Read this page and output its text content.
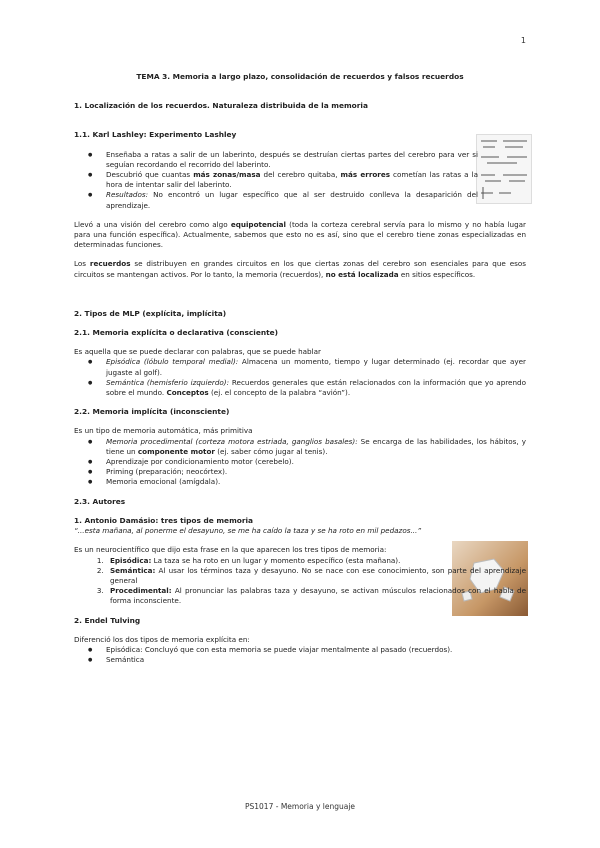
1
TEMA 3. Memoria a largo plazo, consolidación de recuerdos y falsos recuerdos
1. Localización de los recuerdos. Naturaleza distribuida de la memoria
1.1. Karl Lashley: Experimento Lashley
● Enseñaba a ratas a salir de un laberinto, después se destruían ciertas partes del cerebro para ver si seguían recordando el recorrido del laberinto.
● Descubrió que cuantas más zonas/masa del cerebro quitaba, más errores cometían las ratas a la hora de intentar salir del laberinto.
● Resultados: No encontró un lugar específico que al ser destruido conlleva la desaparición del aprendizaje.

Llevó a una visión del cerebro como algo equipotencial (toda la corteza cerebral servía para lo mismo y no había lugar para una función específica). Actualmente, sabemos que esto no es así, sino que el cerebro tiene zonas especializadas en determinadas funciones.

Los recuerdos se distribuyen en grandes circuitos en los que ciertas zonas del cerebro son esenciales para que esos circuitos se mantengan activos. Por lo tanto, la memoria (recuerdos), no está localizada en sitios específicos.

2. Tipos de MLP (explícita, implícita)
2.1. Memoria explícita o declarativa (consciente)

Es aquella que se puede declarar con palabras, que se puede hablar

● Episódica (lóbulo temporal medial): Almacena un momento, tiempo y lugar determinado (ej. recordar que ayer jugaste al golf).
● Semántica (hemisferio izquierdo): Recuerdos generales que están relacionados con la información que yo aprendo sobre el mundo. Conceptos (ej. el concepto de la palabra “avión”).
2.2. Memoria implícita (inconsciente)

Es un tipo de memoria automática, más primitiva

● Memoria procedimental (corteza motora estriada, ganglios basales): Se encarga de las habilidades, los hábitos, y tiene un componente motor (ej. saber cómo jugar al tenis).
● Aprendizaje por condicionamiento motor (cerebelo).
● Priming (preparación; neocórtex).
● Memoria emocional (amígdala).
2.3. Autores
1. Antonio Damásio: tres tipos de memoria

“...esta mañana, al ponerme el desayuno, se me ha caído la taza y se ha roto en mil pedazos...”

Es un neurocientífico que dijo esta frase en la que aparecen los tres tipos de memoria:

1. Episódica: La taza se ha roto en un lugar y momento específico (esta mañana).
2. Semántica: Al usar los términos taza y desayuno. No se nace con ese conocimiento, son parte del aprendizaje general
3. Procedimental: Al pronunciar las palabras taza y desayuno, se activan músculos relacionados con el habla de forma inconsciente.
2. Endel Tulving

Diferenció los dos tipos de memoria explícita en:

● Episódica: Concluyó que con esta memoria se puede viajar mentalmente al pasado (recuerdos).
● Semántica
PS1017 - Memoria y lenguaje
